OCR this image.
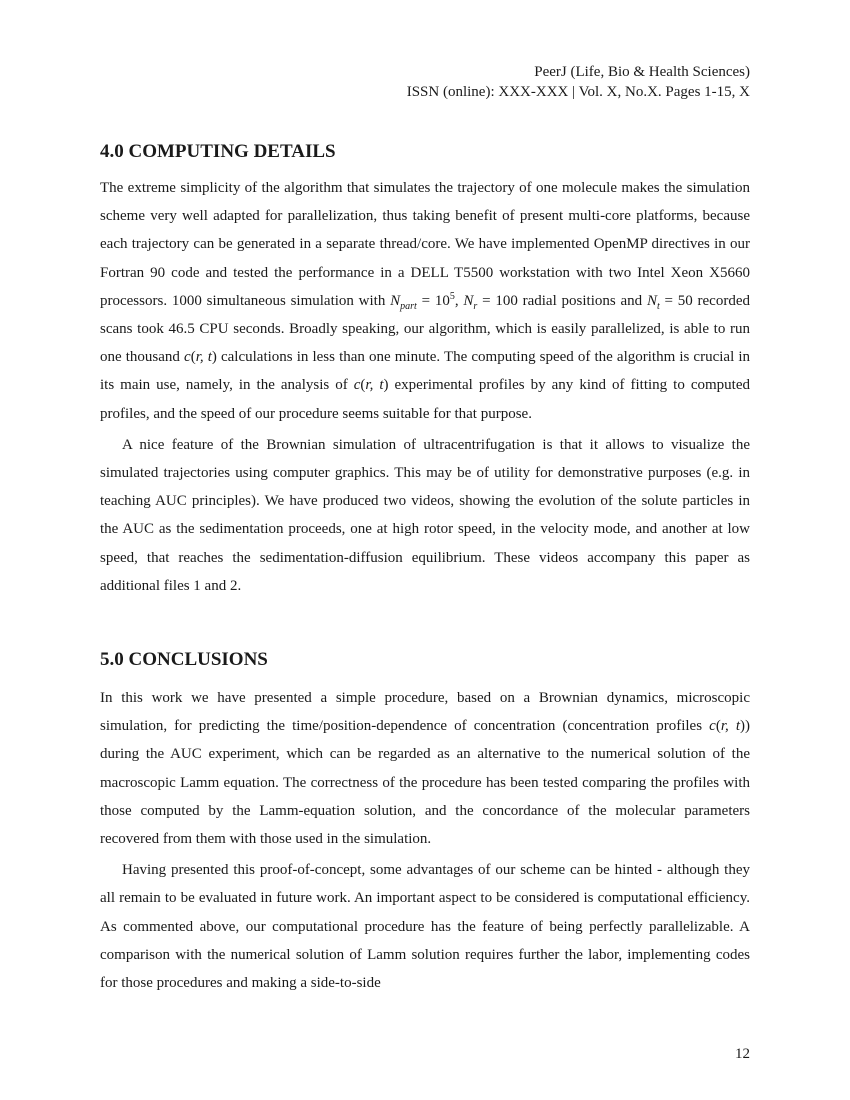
PeerJ (Life, Bio & Health Sciences)
ISSN (online): XXX-XXX | Vol. X, No.X. Pages 1-15, X
4.0 COMPUTING DETAILS

The extreme simplicity of the algorithm that simulates the trajectory of one molecule makes the simulation scheme very well adapted for parallelization, thus taking benefit of present multi-core platforms, because each trajectory can be generated in a separate thread/core. We have implemented OpenMP directives in our Fortran 90 code and tested the performance in a DELL T5500 workstation with two Intel Xeon X5660 processors. 1000 simultaneous simulation with $N_{part} = 10^5$, $N_r = 100$ radial positions and $N_t = 50$ recorded scans took 46.5 CPU seconds. Broadly speaking, our algorithm, which is easily parallelized, is able to run one thousand c(r, t) calculations in less than one minute. The computing speed of the algorithm is crucial in its main use, namely, in the analysis of c(r, t) experimental profiles by any kind of fitting to computed profiles, and the speed of our procedure seems suitable for that purpose.

A nice feature of the Brownian simulation of ultracentrifugation is that it allows to visualize the simulated trajectories using computer graphics. This may be of utility for demonstrative purposes (e.g. in teaching AUC principles). We have produced two videos, showing the evolution of the solute particles in the AUC as the sedimentation proceeds, one at high rotor speed, in the velocity mode, and another at low speed, that reaches the sedimentation-diffusion equilibrium. These videos accompany this paper as additional files 1 and 2.

5.0 CONCLUSIONS

In this work we have presented a simple procedure, based on a Brownian dynamics, microscopic simulation, for predicting the time/position-dependence of concentration (concentration profiles c(r, t)) during the AUC experiment, which can be regarded as an alternative to the numerical solution of the macroscopic Lamm equation. The correctness of the procedure has been tested comparing the profiles with those computed by the Lamm-equation solution, and the concordance of the molecular parameters recovered from them with those used in the simulation.

Having presented this proof-of-concept, some advantages of our scheme can be hinted - although they all remain to be evaluated in future work. An important aspect to be considered is computational efficiency. As commented above, our computational procedure has the feature of being perfectly parallelizable. A comparison with the numerical solution of Lamm solution requires further the labor, implementing codes for those procedures and making a side-to-side

12
